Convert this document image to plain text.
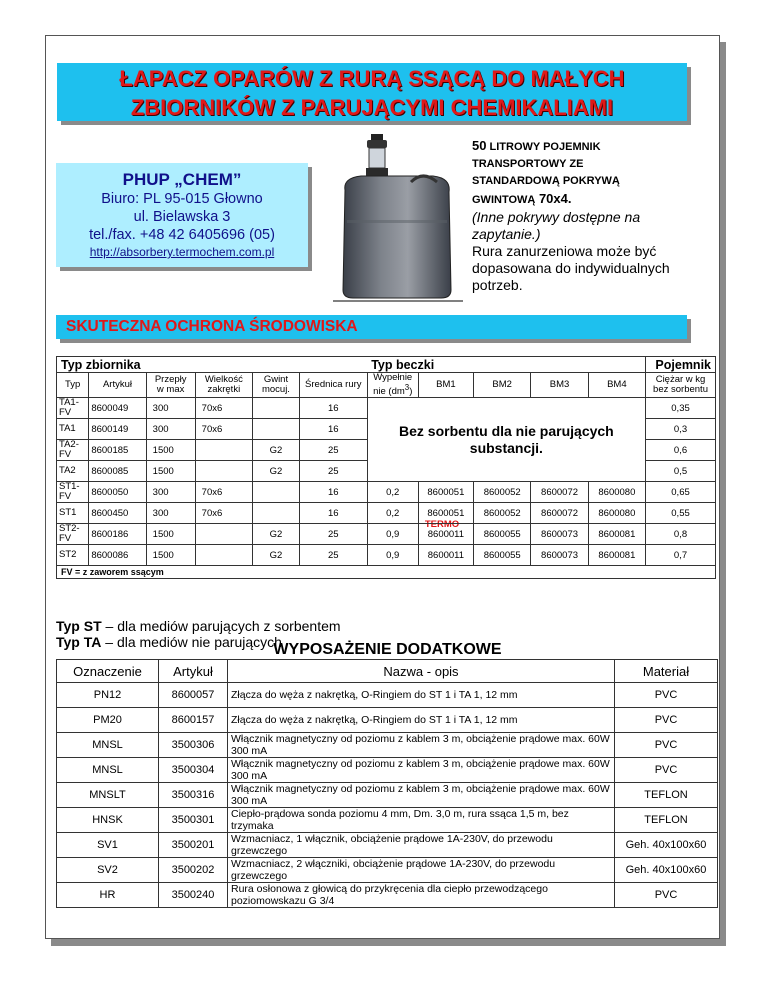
ŁAPACZ OPARÓW Z RURĄ SSĄCĄ DO MAŁYCH
ZBIORNIKÓW Z PARUJĄCYMI CHEMIKALIAMI
PHUP „
TERMO
CHEM”
Biuro: PL 95-015 Głowno
ul. Bielawska 3
tel./fax. +48 42 6405696 (05)
http://absorbery.termochem.com.pl
50 LITROWY POJEMNIK
TRANSPORTOWY ZE
STANDARDOWĄ POKRYWĄ
GWINTOWĄ 70x4.
(Inne pokrywy dostępne na zapytanie.)
Rura zanurzeniowa może być dopasowana do indywidualnych potrzeb.
SKUTECZNA OCHRONA ŚRODOWISKA
Typ zbiornika						Typ beczki					Pojemnik
Typ	Artykuł	Przepły
w max	Wielkość
zakrętki	Gwint
mocuj.	Średnica rury	Wypełnie
nie $(dm^3)$	BM1	BM2	BM3	BM4	Ciężar w kg
bez sorbentu
TA1-FV	8600049	300	70x6		16	Bez sorbentu dla nie parujących substancji.					0,35
TA1	8600149	300	70x6		16						0,3
TA2-FV	8600185	1500		G2	25						0,6
TA2	8600085	1500		G2	25						0,5
ST1-FV	8600050	300	70x6		16	0,2	8600051	8600052	8600072	8600080	0,65
ST1	8600450	300	70x6		16	0,2	8600051	8600052	8600072	8600080	0,55
ST2-FV	8600186	1500		G2	25	0,9	8600011	8600055	8600073	8600081	0,8
ST2	8600086	1500		G2	25	0,9	8600011	8600055	8600073	8600081	0,7
FV = z zaworem ssącym											
Typ ST – dla mediów parujących z sorbentem
Typ TA – dla mediów nie parujących
WYPOSAŻENIE DODATKOWE
Oznaczenie	Artykuł	Nazwa - opis	Materiał
PN12	8600057	Złącza do węża z nakrętką, O-Ringiem do ST 1 i TA 1, 12 mm	PVC
PM20	8600157	Złącza do węża z nakrętką, O-Ringiem do ST 1 i TA 1, 12 mm	PVC
MNSL	3500306	Włącznik magnetyczny od poziomu z kablem 3 m, obciążenie prądowe max. 60W 300 mA	PVC
MNSL	3500304	Włącznik magnetyczny od poziomu z kablem 3 m, obciążenie prądowe max. 60W 300 mA	PVC
MNSLT	3500316	Włącznik magnetyczny od poziomu z kablem 3 m, obciążenie prądowe max. 60W 300 mA	TEFLON
HNSK	3500301	Ciepło-prądowa sonda poziomu 4 mm, Dm. 3,0 m, rura ssąca 1,5 m, bez trzymaka	TEFLON
SV1	3500201	Wzmacniacz, 1 włącznik, obciążenie prądowe 1A-230V, do przewodu grzewczego	Geh. 40x100x60
SV2	3500202	Wzmacniacz, 2 włączniki, obciążenie prądowe 1A-230V, do przewodu grzewczego	Geh. 40x100x60
HR	3500240	Rura osłonowa z głowicą do przykręcenia dla ciepło przewodzącego poziomowskazu G 3/4	PVC
